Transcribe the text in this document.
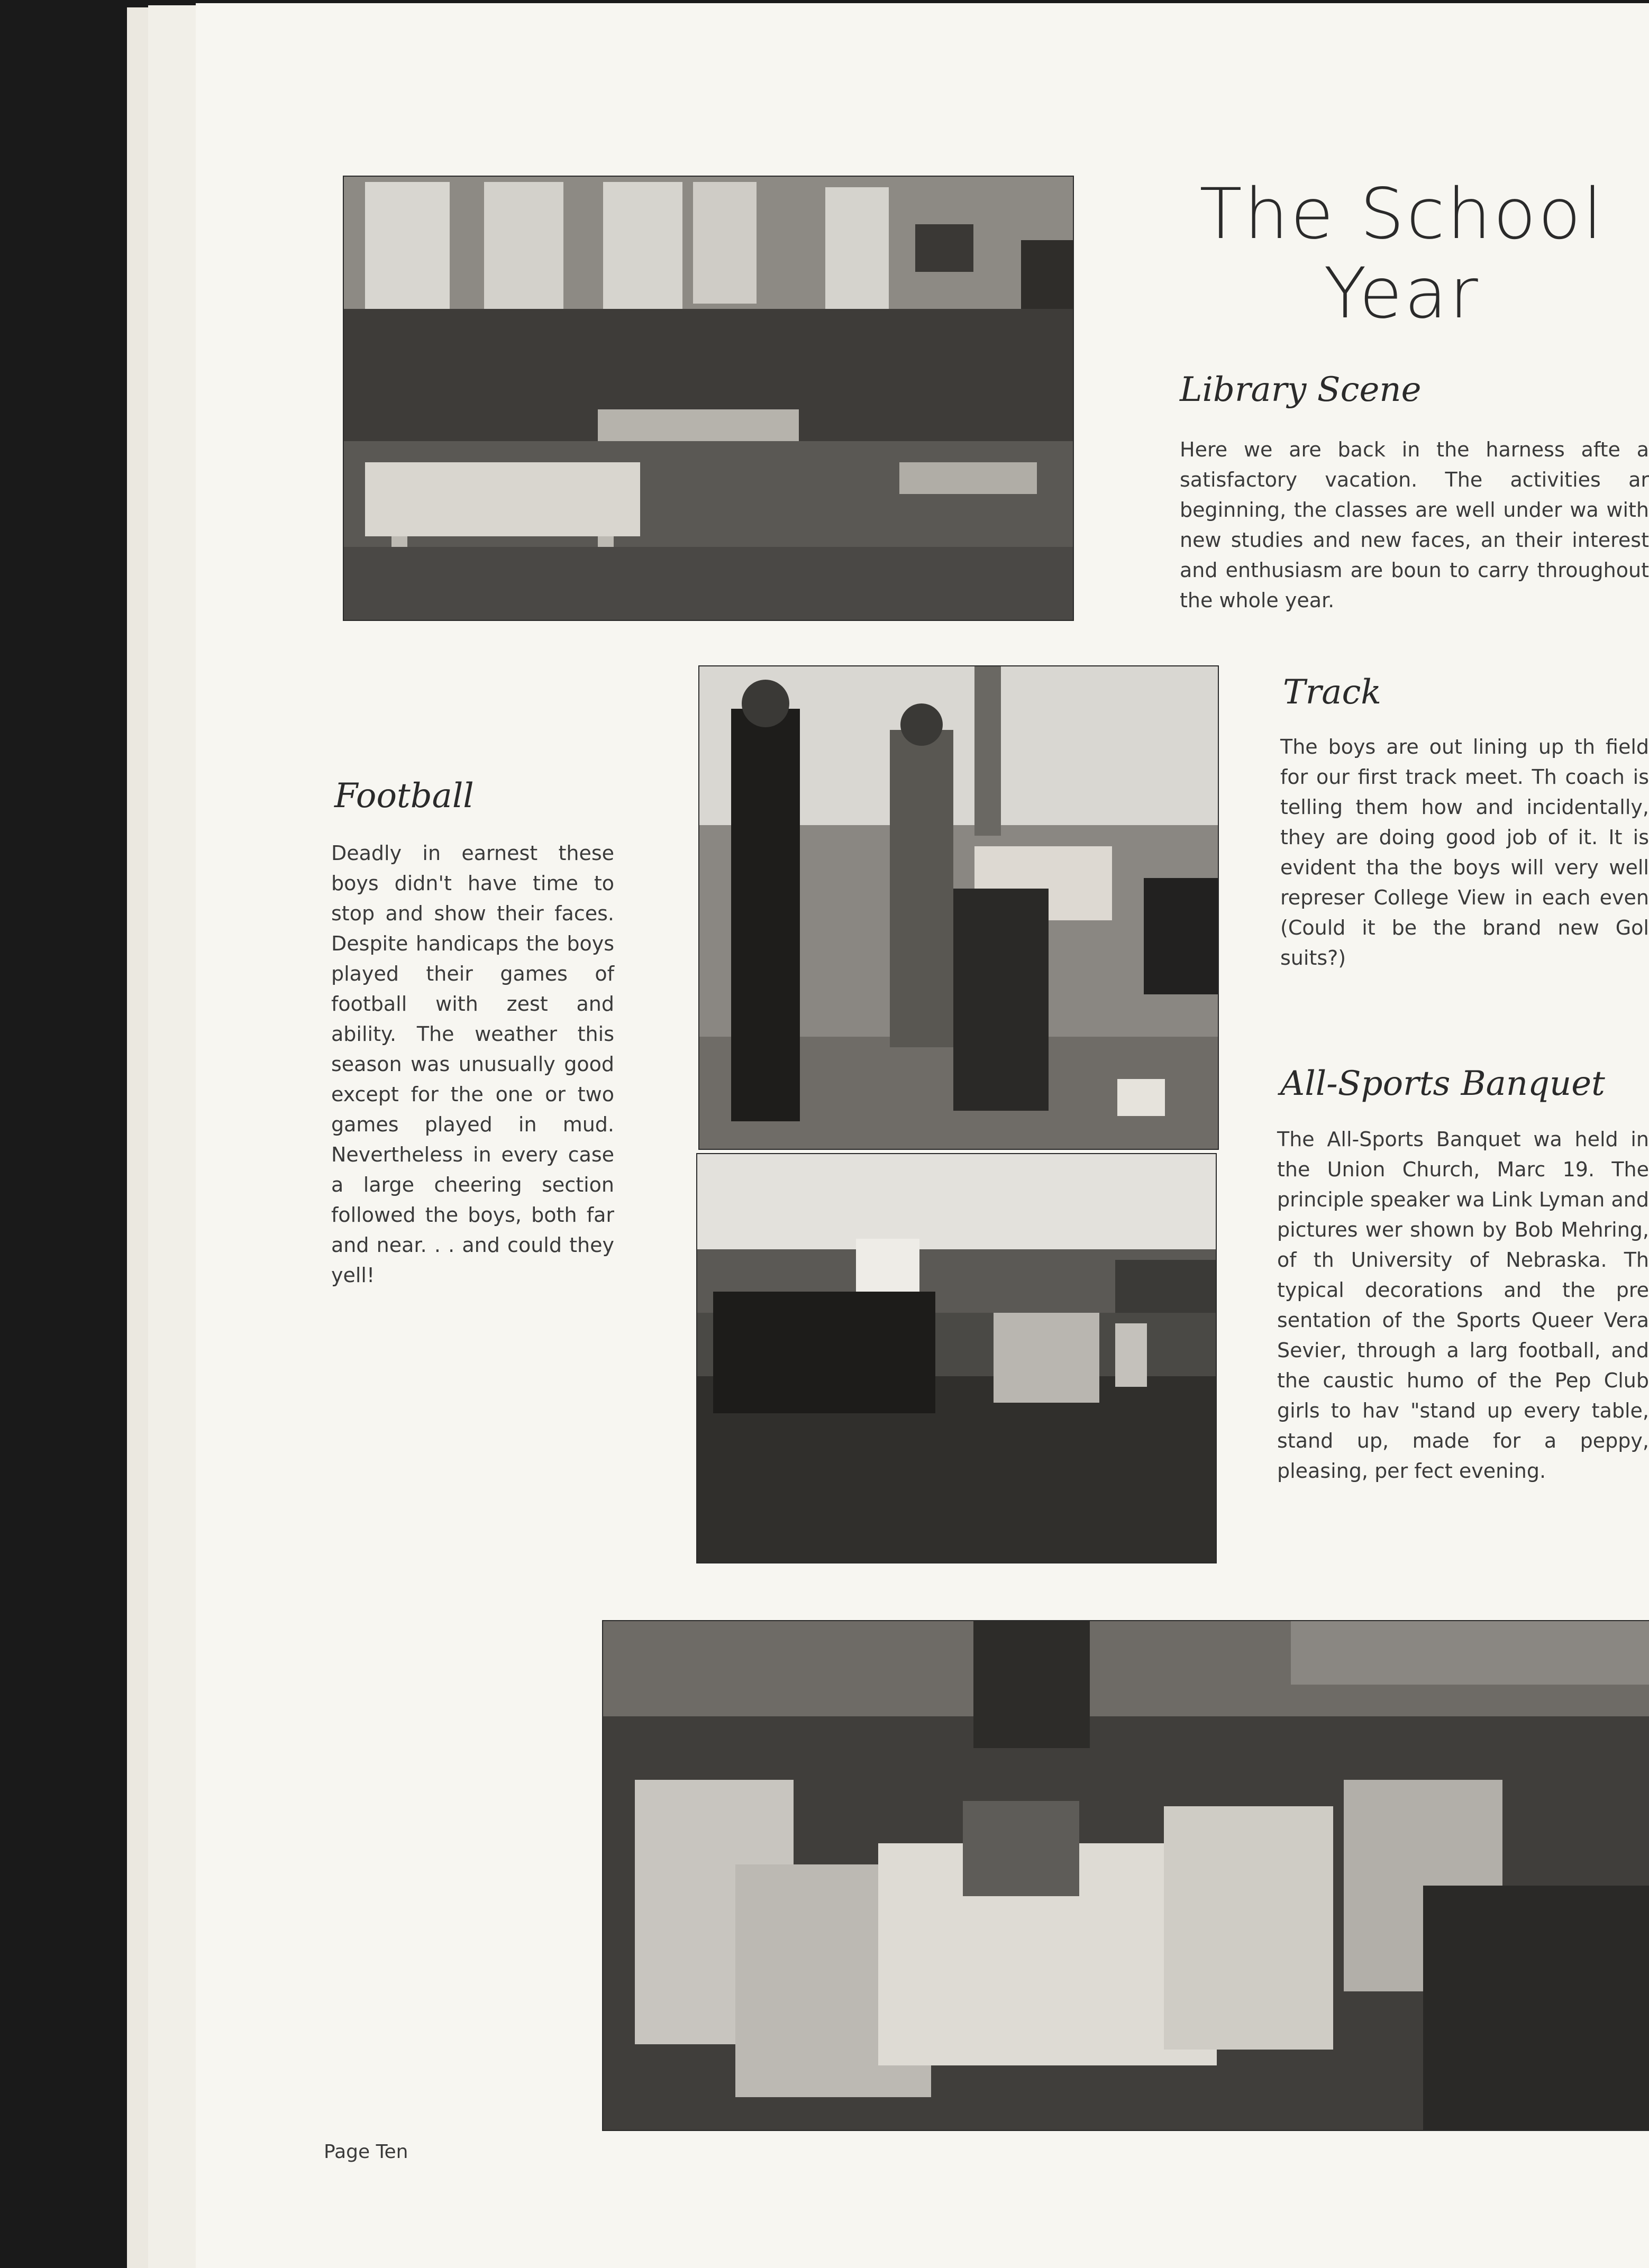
The School Year
Library Scene
Here we are back in the harness afte a satisfactory vacation. The activities ar beginning, the classes are well under wa with new studies and new faces, an their interest and enthusiasm are boun to carry throughout the whole year.
Track
The boys are out lining up th field for our first track meet. Th coach is telling them how and incidentally, they are doing good job of it. It is evident tha the boys will very well represer College View in each even (Could it be the brand new Gol suits?)
Football
Deadly in earnest these boys didn't have time to stop and show their faces. Despite handicaps the boys played their games of football with zest and ability. The weather this season was unusually good except for the one or two games played in mud. Nevertheless in every case a large cheering section followed the boys, both far and near. . . and could they yell!
All-Sports Banquet
The All-Sports Banquet wa held in the Union Church, Marc 19. The principle speaker wa Link Lyman and pictures wer shown by Bob Mehring, of th University of Nebraska. Th typical decorations and the pre sentation of the Sports Queer Vera Sevier, through a larg football, and the caustic humo of the Pep Club girls to hav "stand up every table, stand up, made for a peppy, pleasing, per fect evening.
Page Ten
